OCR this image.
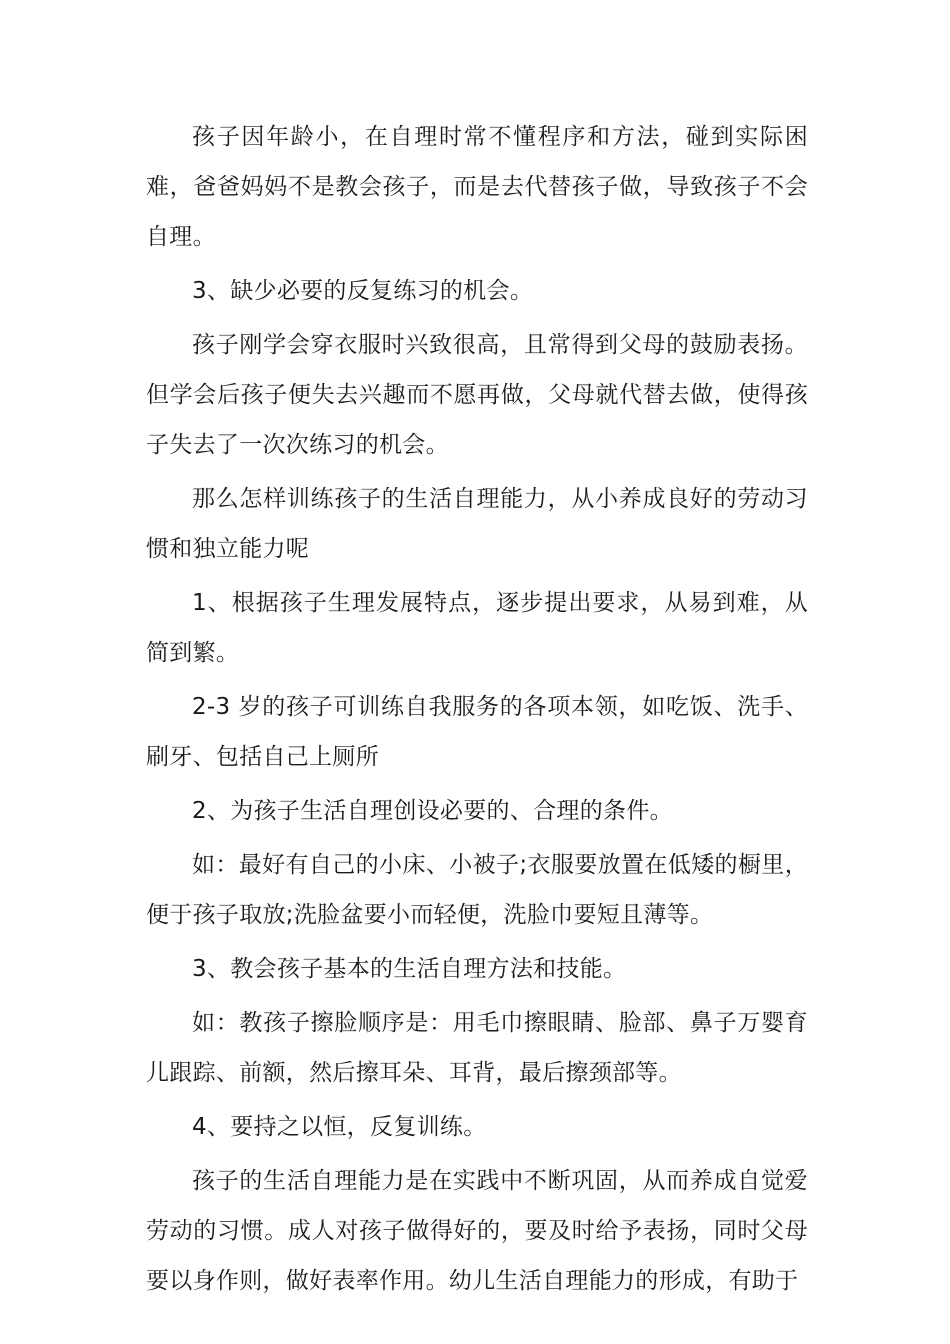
孩子因年龄小，在自理时常不懂程序和方法，碰到实际困难，爸爸妈妈不是教会孩子，而是去代替孩子做，导致孩子不会自理。

3、缺少必要的反复练习的机会。

孩子刚学会穿衣服时兴致很高，且常得到父母的鼓励表扬。但学会后孩子便失去兴趣而不愿再做，父母就代替去做，使得孩子失去了一次次练习的机会。

那么怎样训练孩子的生活自理能力，从小养成良好的劳动习惯和独立能力呢

1、根据孩子生理发展特点，逐步提出要求，从易到难，从简到繁。

2-3 岁的孩子可训练自我服务的各项本领，如吃饭、洗手、刷牙、包括自己上厕所

2、为孩子生活自理创设必要的、合理的条件。

如：最好有自己的小床、小被子;衣服要放置在低矮的橱里，便于孩子取放;洗脸盆要小而轻便，洗脸巾要短且薄等。

3、教会孩子基本的生活自理方法和技能。

如：教孩子擦脸顺序是：用毛巾擦眼睛、脸部、鼻子万婴育儿跟踪、前额，然后擦耳朵、耳背，最后擦颈部等。

4、要持之以恒，反复训练。

孩子的生活自理能力是在实践中不断巩固，从而养成自觉爱劳动的习惯。成人对孩子做得好的，要及时给予表扬，同时父母要以身作则，做好表率作用。幼儿生活自理能力的形成，有助于
